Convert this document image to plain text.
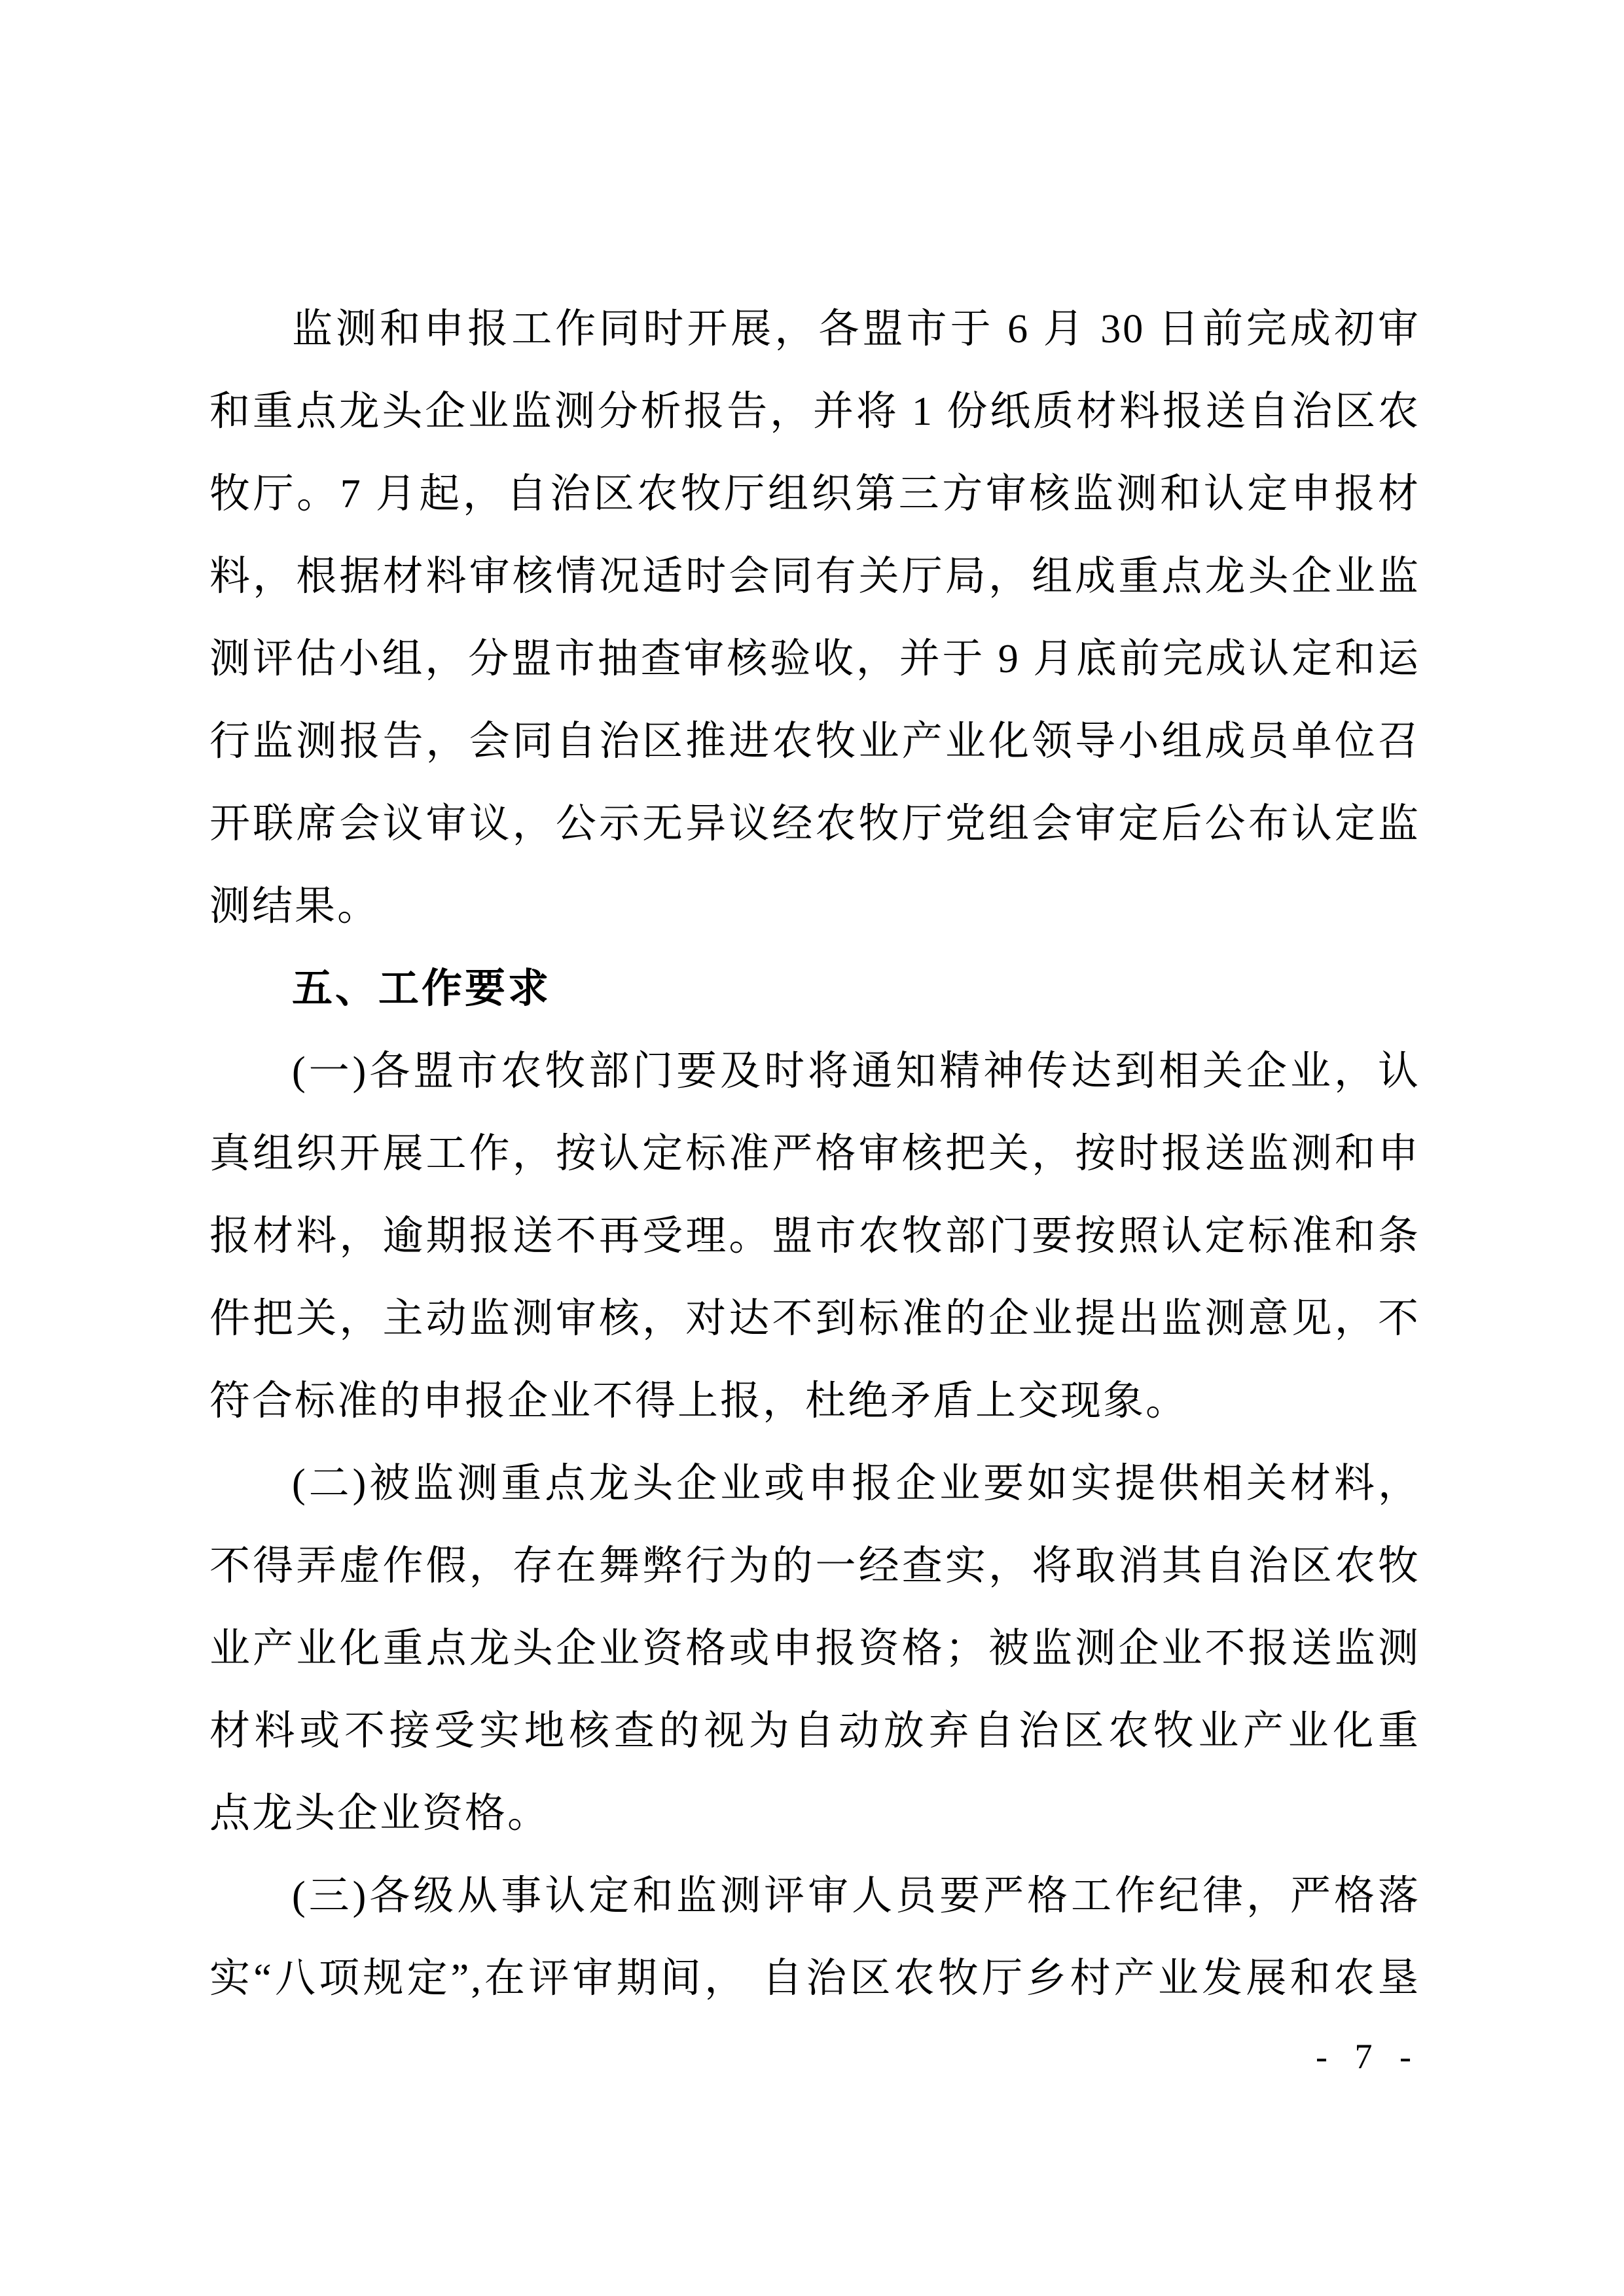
监测和申报工作同时开展，各盟市于 6 月 30 日前完成初审
和重点龙头企业监测分析报告，并将 1 份纸质材料报送自治区农
牧厅。7 月起，自治区农牧厅组织第三方审核监测和认定申报材
料，根据材料审核情况适时会同有关厅局，组成重点龙头企业监
测评估小组，分盟市抽查审核验收，并于 9 月底前完成认定和运
行监测报告，会同自治区推进农牧业产业化领导小组成员单位召
开联席会议审议，公示无异议经农牧厅党组会审定后公布认定监
测结果。
五、工作要求
(一)各盟市农牧部门要及时将通知精神传达到相关企业，认
真组织开展工作，按认定标准严格审核把关，按时报送监测和申
报材料，逾期报送不再受理。盟市农牧部门要按照认定标准和条
件把关，主动监测审核，对达不到标准的企业提出监测意见，不
符合标准的申报企业不得上报，杜绝矛盾上交现象。
(二)被监测重点龙头企业或申报企业要如实提供相关材料，
不得弄虚作假，存在舞弊行为的一经查实，将取消其自治区农牧
业产业化重点龙头企业资格或申报资格；被监测企业不报送监测
材料或不接受实地核查的视为自动放弃自治区农牧业产业化重
点龙头企业资格。
(三)各级从事认定和监测评审人员要严格工作纪律，严格落
实“八项规定”,在评审期间， 自治区农牧厅乡村产业发展和农垦
- 7 -
